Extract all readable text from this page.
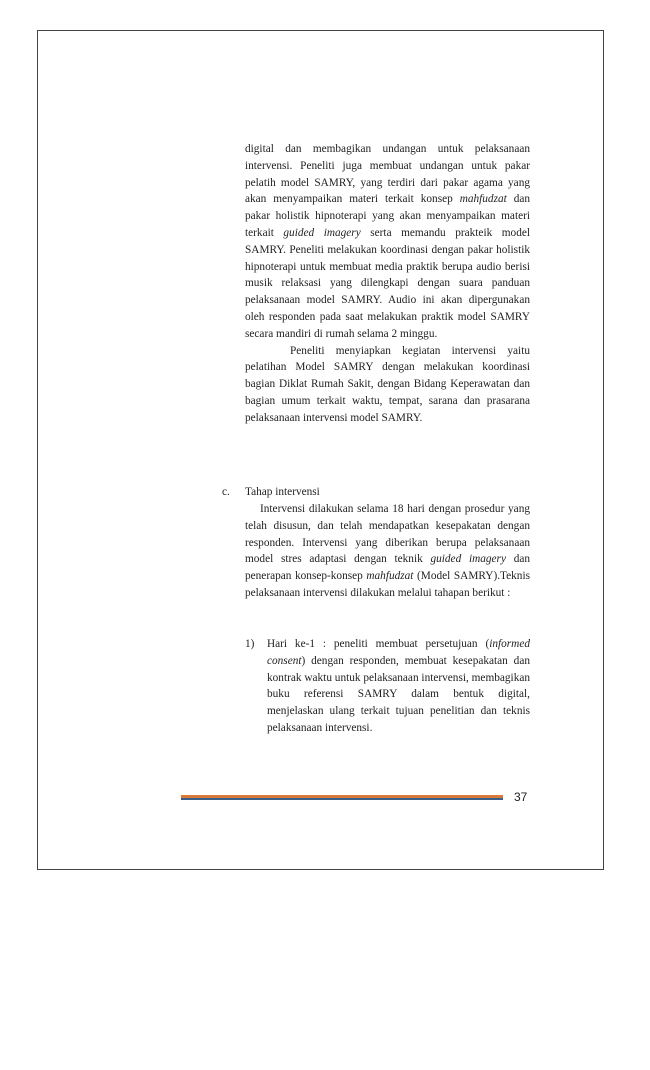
digital dan membagikan undangan untuk pelaksanaan intervensi. Peneliti juga membuat undangan untuk pakar pelatih model SAMRY, yang terdiri dari pakar agama yang akan menyampaikan materi terkait konsep mahfudzat dan pakar holistik hipnoterapi yang akan menyampaikan materi terkait guided imagery serta memandu prakteik model SAMRY. Peneliti melakukan koordinasi dengan pakar holistik hipnoterapi untuk membuat media praktik berupa audio berisi musik relaksasi yang dilengkapi dengan suara panduan pelaksanaan model SAMRY. Audio ini akan dipergunakan oleh responden pada saat melakukan praktik model SAMRY secara mandiri di rumah selama 2 minggu.

Peneliti menyiapkan kegiatan intervensi yaitu pelatihan Model SAMRY dengan melakukan koordinasi bagian Diklat Rumah Sakit, dengan Bidang Keperawatan dan bagian umum terkait waktu, tempat, sarana dan prasarana pelaksanaan intervensi model SAMRY.

c. Tahap intervensi

Intervensi dilakukan selama 18 hari dengan prosedur yang telah disusun, dan telah mendapatkan kesepakatan dengan responden. Intervensi yang diberikan berupa pelaksanaan model stres adaptasi dengan teknik guided imagery dan penerapan konsep-konsep mahfudzat (Model SAMRY).Teknis pelaksanaan intervensi dilakukan melalui tahapan berikut :

1) Hari ke-1 : peneliti membuat persetujuan (informed consent) dengan responden, membuat kesepakatan dan kontrak waktu untuk pelaksanaan intervensi, membagikan buku referensi SAMRY dalam bentuk digital, menjelaskan ulang terkait tujuan penelitian dan teknis pelaksanaan intervensi.
37
